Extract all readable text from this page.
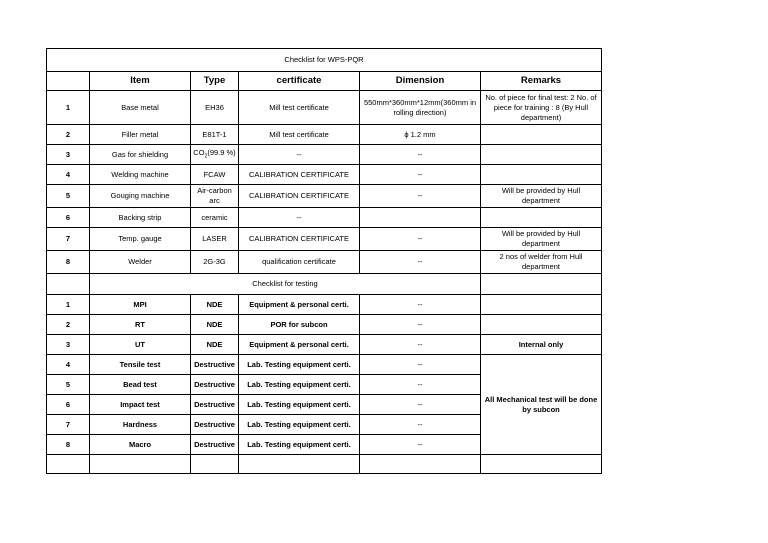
Checklist for WPS-PQR					
	Item	Type	certificate	Dimension	Remarks
1	Base metal	EH36	Mill test certificate	550mm*360mm*12mm(360mm in rolling direction)	No. of piece for final test: 2 No. of piece for training : 8 (By Hull department)
2	Filler metal	E81T-1	Mill test certificate	ϕ 1.2 mm	
3	Gas for shielding	$CO_2(99.9$ %)	--	--	
4	Welding machine	FCAW	CALIBRATION CERTIFICATE	--	
5	Gouging machine	Air-carbon arc	CALIBRATION CERTIFICATE	--	Will be provided by Hull department
6	Backing strip	ceramic	--		
7	Temp. gauge	LASER	CALIBRATION CERTIFICATE	--	Will be provided by Hull department
8	Welder	2G-3G	qualification certificate	--	2 nos of welder from Hull department
	Checklist for testing				
1	MPI	NDE	Equipment & personal certi.	--	
2	RT	NDE	POR for subcon	--	
3	UT	NDE	Equipment & personal certi.	--	Internal only
4	Tensile test	Destructive	Lab. Testing equipment certi.	--	All Mechanical test will be done by subcon
5	Bead test	Destructive	Lab. Testing equipment certi.	--	
6	Impact test	Destructive	Lab. Testing equipment certi.	--	
7	Hardness	Destructive	Lab. Testing equipment certi.	--	
8	Macro	Destructive	Lab. Testing equipment certi.	--	
